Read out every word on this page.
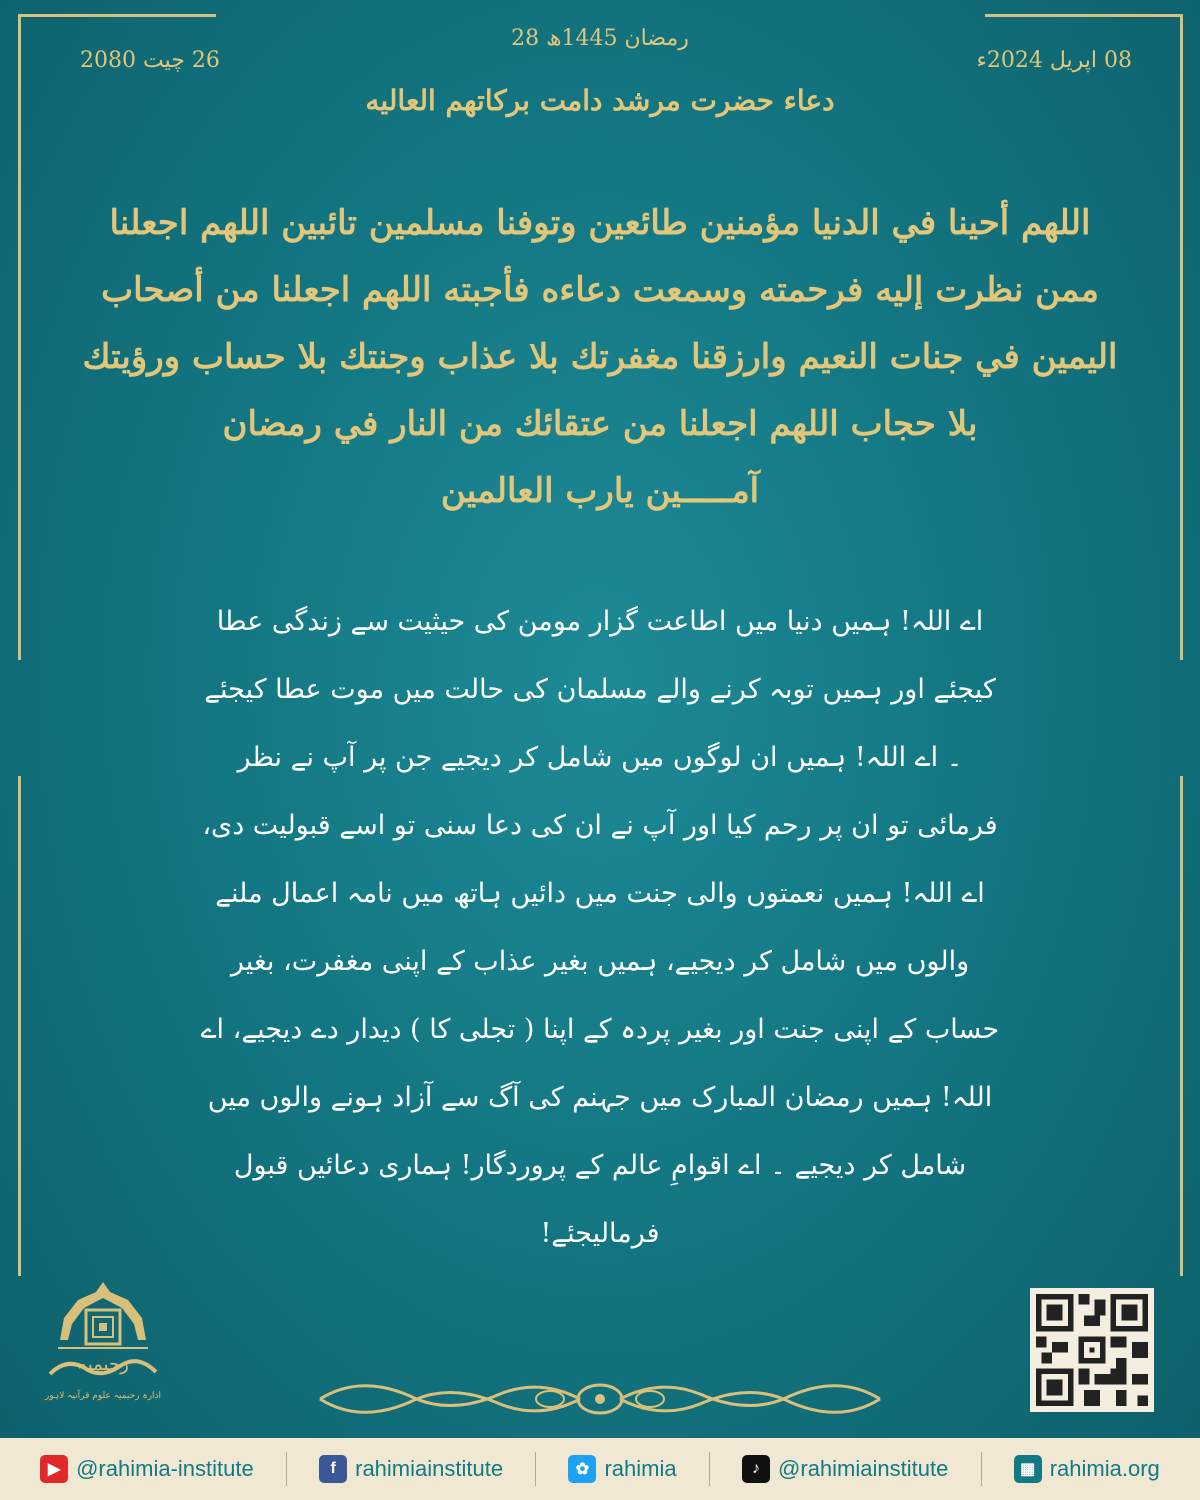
28 رمضان 1445ھ
26 چیت 2080	08 اپریل 2024ء
دعاء حضرت مرشد دامت برکاتھم العالیه
اللهم أحينا في الدنيا مؤمنين طائعين وتوفنا مسلمين تائبين اللهم اجعلنا ممن نظرت إليه فرحمته وسمعت دعاءه فأجبته اللهم اجعلنا من أصحاب اليمين في جنات النعيم وارزقنا مغفرتك بلا عذاب وجنتك بلا حساب ورؤيتك بلا حجاب اللهم اجعلنا من عتقائك من النار في رمضان
آمـــــين يارب العالمين
اے اللہ! ہمیں دنیا میں اطاعت گزار مومن کی حیثیت سے زندگی عطا کیجئے اور ہمیں توبہ کرنے والے مسلمان کی حالت میں موت عطا کیجئے ۔ اے اللہ! ہمیں ان لوگوں میں شامل کر دیجیے جن پر آپ نے نظر فرمائی تو ان پر رحم کیا اور آپ نے ان کی دعا سنی تو اسے قبولیت دی، اے اللہ! ہمیں نعمتوں والی جنت میں دائیں ہاتھ میں نامہ اعمال ملنے والوں میں شامل کر دیجیے، ہمیں بغیر عذاب کے اپنی مغفرت، بغیر حساب کے اپنی جنت اور بغیر پردہ کے اپنا ( تجلی کا ) دیدار دے دیجیے، اے اللہ! ہمیں رمضان المبارک میں جہنم کی آگ سے آزاد ہونے والوں میں شامل کر دیجیے ۔ اے اقوامِ عالم کے پروردگار! ہماری دعائیں قبول فرمالیجئے!
رحیمیہ
ادارہ رحیمیہ علوم قرآنیہ لاہور
▶ @rahimia-institute	f rahimiainstitute	✿ rahimia	♪ @rahimiainstitute	▦ rahimia.org
